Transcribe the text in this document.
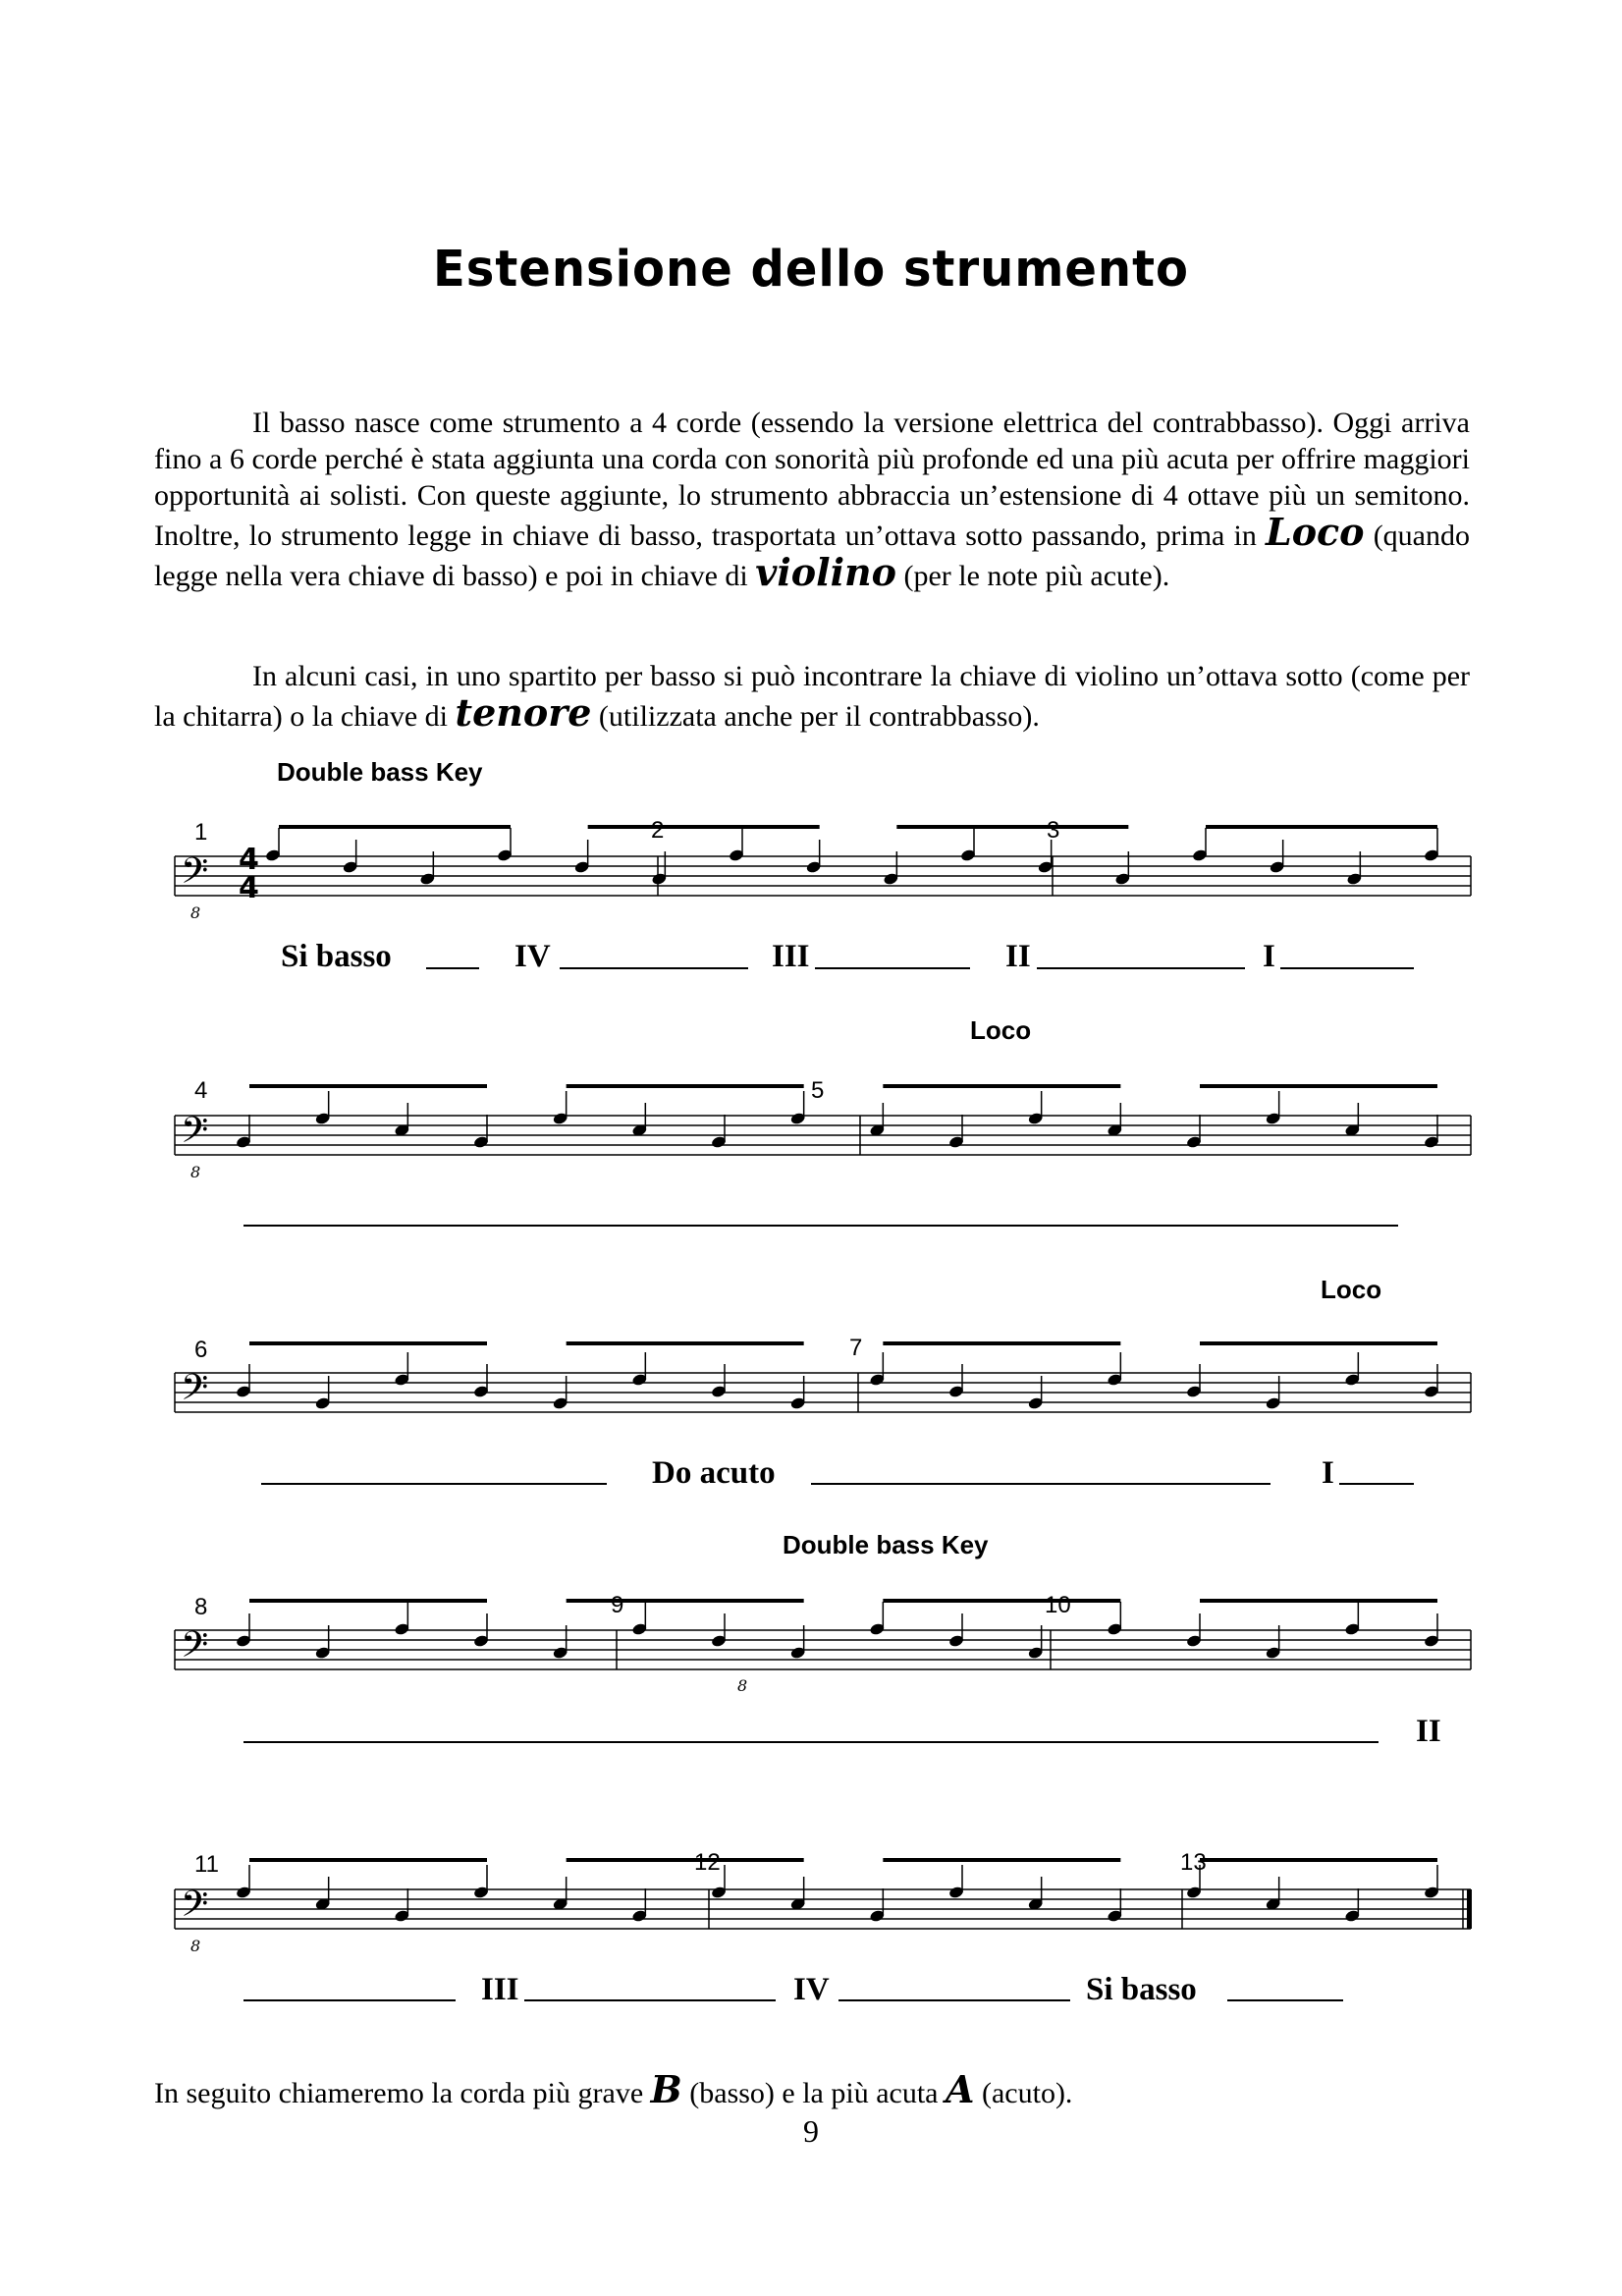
Estensione dello strumento

Il basso nasce come strumento a 4 corde (essendo la versione elettrica del contrabbasso). Oggi arriva fino a 6 corde perché è stata aggiunta una corda con sonorità più profonde ed una più acuta per offrire maggiori opportunità ai solisti. Con queste aggiunte, lo strumento abbraccia un’estensione di 4 ottave più un semitono. Inoltre, lo strumento legge in chiave di basso, trasportata un’ottava sotto passando, prima in Loco (quando legge nella vera chiave di basso) e poi in chiave di violino (per le note più acute).

In alcuni casi, in uno spartito per basso si può incontrare la chiave di violino un’ottava sotto (come per la chitarra) o la chiave di tenore (utilizzata anche per il contrabbasso).

Double bass Key
Loco
Loco
Double bass Key
𝄢
𝄢
𝄢
𝄢
𝄢
1	2	3
4	5
6	7
8	9	10
11	12	13
4
4
8
8
8
8
Si basso	IV	III	II	I
Do acuto	I
II
III	IV	Si basso
In seguito chiameremo la corda più grave B (basso) e la più acuta A (acuto).
9
